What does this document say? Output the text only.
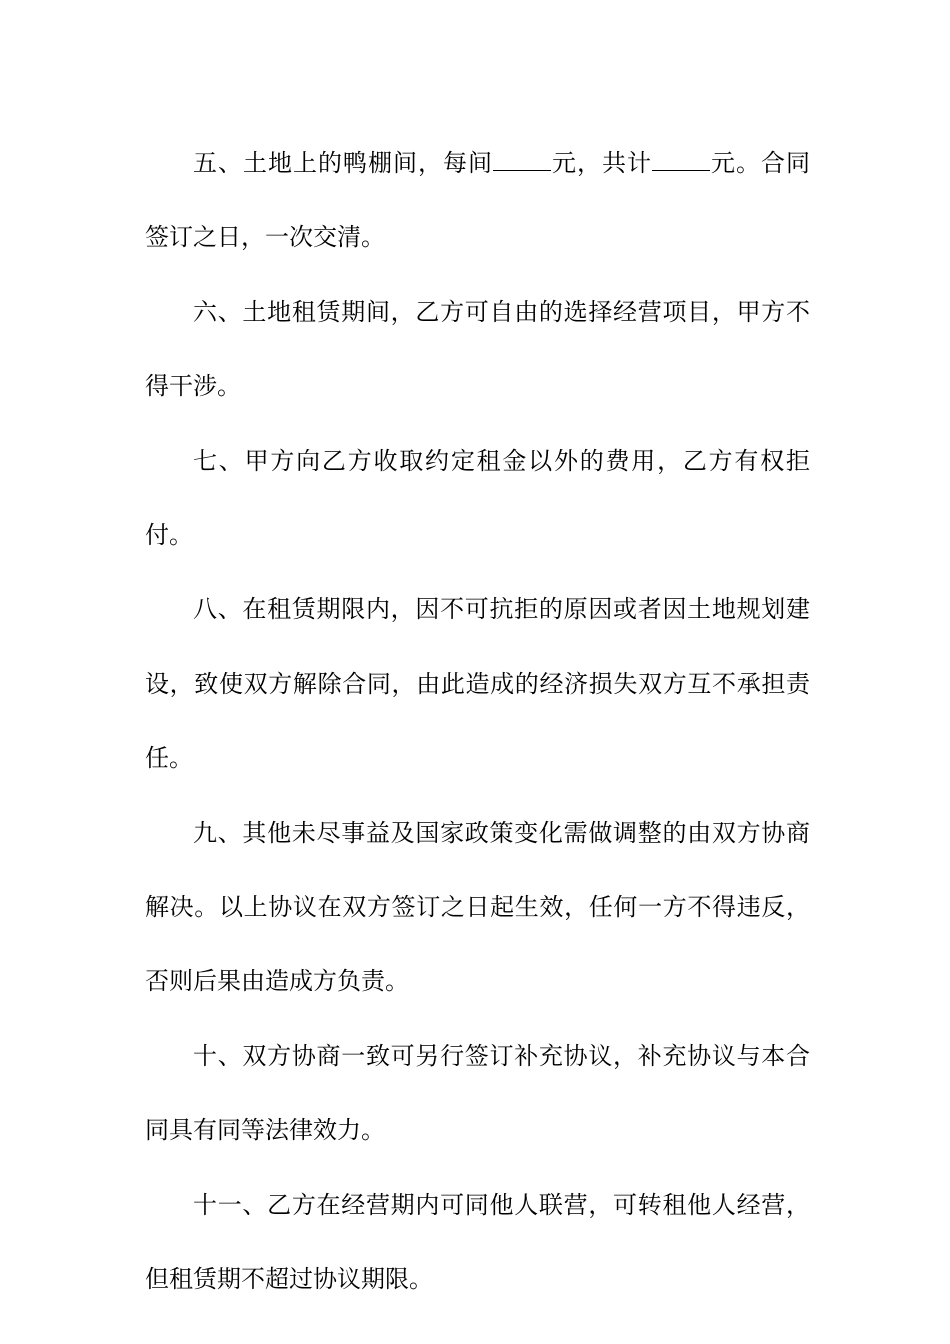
五、土地上的鸭棚间，每间 元，共计 元。合同签订之日，一次交清。

六、土地租赁期间，乙方可自由的选择经营项目，甲方不得干涉。

七、甲方向乙方收取约定租金以外的费用，乙方有权拒付。

八、在租赁期限内，因不可抗拒的原因或者因土地规划建设，致使双方解除合同，由此造成的经济损失双方互不承担责任。

九、其他未尽事益及国家政策变化需做调整的由双方协商解决。以上协议在双方签订之日起生效，任何一方不得违反，否则后果由造成方负责。

十、双方协商一致可另行签订补充协议，补充协议与本合同具有同等法律效力。

十一、乙方在经营期内可同他人联营，可转租他人经营，但租赁期不超过协议期限。
